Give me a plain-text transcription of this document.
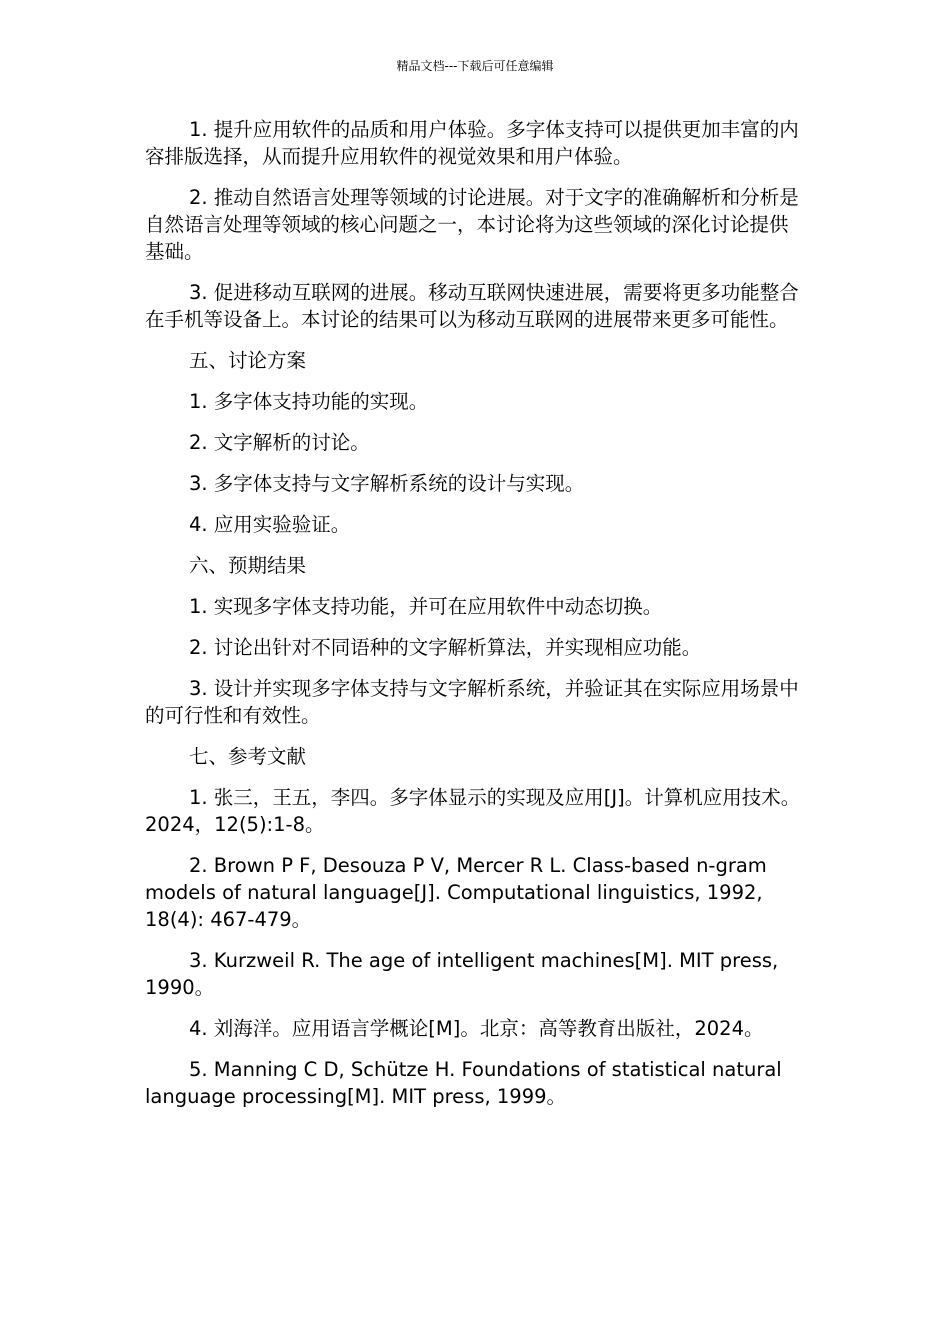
精品文档---下载后可任意编辑

1. 提升应用软件的品质和用户体验。多字体支持可以提供更加丰富的内容排版选择，从而提升应用软件的视觉效果和用户体验。

2. 推动自然语言处理等领域的讨论进展。对于文字的准确解析和分析是自然语言处理等领域的核心问题之一，本讨论将为这些领域的深化讨论提供基础。

3. 促进移动互联网的进展。移动互联网快速进展，需要将更多功能整合在手机等设备上。本讨论的结果可以为移动互联网的进展带来更多可能性。

五、讨论方案

1. 多字体支持功能的实现。

2. 文字解析的讨论。

3. 多字体支持与文字解析系统的设计与实现。

4. 应用实验验证。

六、预期结果

1. 实现多字体支持功能，并可在应用软件中动态切换。

2. 讨论出针对不同语种的文字解析算法，并实现相应功能。

3. 设计并实现多字体支持与文字解析系统，并验证其在实际应用场景中的可行性和有效性。

七、参考文献

1. 张三，王五，李四。多字体显示的实现及应用[J]。计算机应用技术。2024，12(5):1-8。

2. Brown P F, Desouza P V, Mercer R L. Class-based n-gram models of natural language[J]. Computational linguistics, 1992, 18(4): 467-479。

3. Kurzweil R. The age of intelligent machines[M]. MIT press, 1990。

4. 刘海洋。应用语言学概论[M]。北京：高等教育出版社，2024。

5. Manning C D, Schütze H. Foundations of statistical natural language processing[M]. MIT press, 1999。
